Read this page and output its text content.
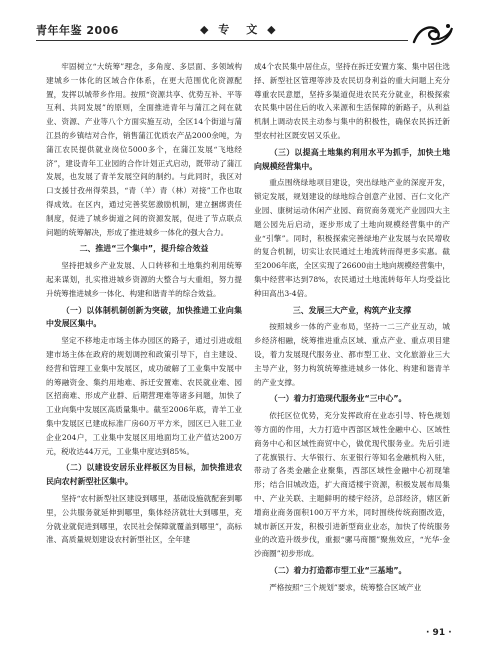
青年年鉴 2006	◆ 专　文 ◆

牢固树立“大统筹”理念，多角度、多层面、多领域构建城乡一体化的区域合作体系，在更大范围优化资源配置，发挥以城带乡作用。按照“资源共享、优势互补、平等互利、共同发展”的原则，全面推进青年与蒲江之间在就业、资源、产业等八个方面实施互动，全区14个街道与蒲江县的乡镇结对合作，销售蒲江优质农产品2000余吨，为蒲江农民提供就业岗位5000多个，在蒲江发展“飞地经济”，建设青年工业园的合作计划正式启动，既带动了蒲江发展，也发展了青羊发展空间的制约。与此同时，我区对口支援甘孜州得荣县，“青（羊）青（林）对接”工作也取得成效。在区内，通过完善奖惩激励机制，建立捆绑责任制度，促进了城乡街道之间的资源发展，促进了节点联点问题的统筹解决，形成了推进城乡一体化的强大合力。

二、推进“三个集中”，提升综合效益

坚持把城乡产业发展、人口转移和土地集约利用统筹起来谋划，扎实推进城乡资源的大整合与大重组，努力提升统筹推进城乡一体化、构建和谐青羊的综合效益。

（一）以体制机制创新为突破，加快推进工业向集中发展区集中。

坚定不移地走市场主体办园区的路子，通过引进或组建市场主体在政府的规划调控和政策引导下，自主建设、经营和管理工业集中发展区，成功破解了工业集中发展中的筹融资金、集约用地难、拆迁安置难、农民就业难、园区招商难、形成产业群、后期营理难等诸多问题，加快了工业向集中发展区高质量集中。截至2006年底，青羊工业集中发展区已建成标准厂房60万平方米，园区已入驻工业企业204户，工业集中发展区用地面均工业产值达200万元，税收达44万元，工业集中度达到85%。

（二）以建设安居乐业样板区为目标，加快推进农民向农村新型社区集中。

坚持“农村新型社区建设到哪里，基础设施就配套到哪里，公共服务就延伸到哪里，集体经济就壮大到哪里，充分就业就促进到哪里，农民社会保障就覆盖到哪里”，高标准、高质量规划建设农村新型社区，全年建

成4个农民集中居住点，坚持在拆迁安置方案、集中居住选择、新型社区管理等涉及农民切身利益的重大问题上充分尊重农民意愿，坚持多渠道促进农民充分就业，积极探索农民集中居住后的收入来源和生活保障的新路子，从利益机制上调动农民主动参与集中的积极性，确保农民拆迁新型农村社区既安居又乐业。

（三）以提高土地集约利用水平为抓手，加快土地向规模经营集中。

重点围绕绿地项目建设，突出绿地产业的深度开发，锁定发展，规划建设的绿地综合创意产业园、百仁文化产业园、康树运动休闲产业园、商贸商务观光产业园四大主题公园先后启动，逐步形成了土地向规模经营集中的产业“引擎”。同时，积极探索完善绿地产业发展与农民增收的复合机制，切实让农民通过土地流转而得更多实惠。截至2006年底，全区实现了26600亩土地向规模经营集中，集中经营率达到78%，农民通过土地流转每年人均受益比种田高出3-4倍。

三、发展三大产业，构筑产业支撑

按照城乡一体的产业布局，坚持一二三产业互动，城乡经济相融，统筹推进重点区域、重点产业、重点项目建设，着力发展现代服务业、都市型工业、文化旅游业三大主导产业，努力构筑统筹推进城乡一体化、构建和谐青羊的产业支撑。

（一）着力打造现代服务业“三中心”。

依托区位优势，充分发挥政府在业态引导、特色规划等方面的作用，大力打造中西部区域性金融中心、区域性商务中心和区域性商贸中心，做优现代服务业。先后引进了花旗银行、大华银行、东亚银行等知名金融机构入驻，带动了各类金融企业聚集，西部区域性金融中心初现雏形；结合旧城改造，扩大商适楼宇资源，积极发展布局集中、产业关联、主题鲜明的楼宇经济，总部经济，辖区新增商业商务面积100万平方米，同时围绕传统商圈改造，城市新区开发，积极引进新型商业业态，加快了传统服务业的改造升级步伐，重振“骡马商圈”聚焦效应，“光华·金沙商圈”初步形成。

（二）着力打造都市型工业“三基地”。

严格按照“三个规划”要求，统筹整合区域产业

· 91 ·
